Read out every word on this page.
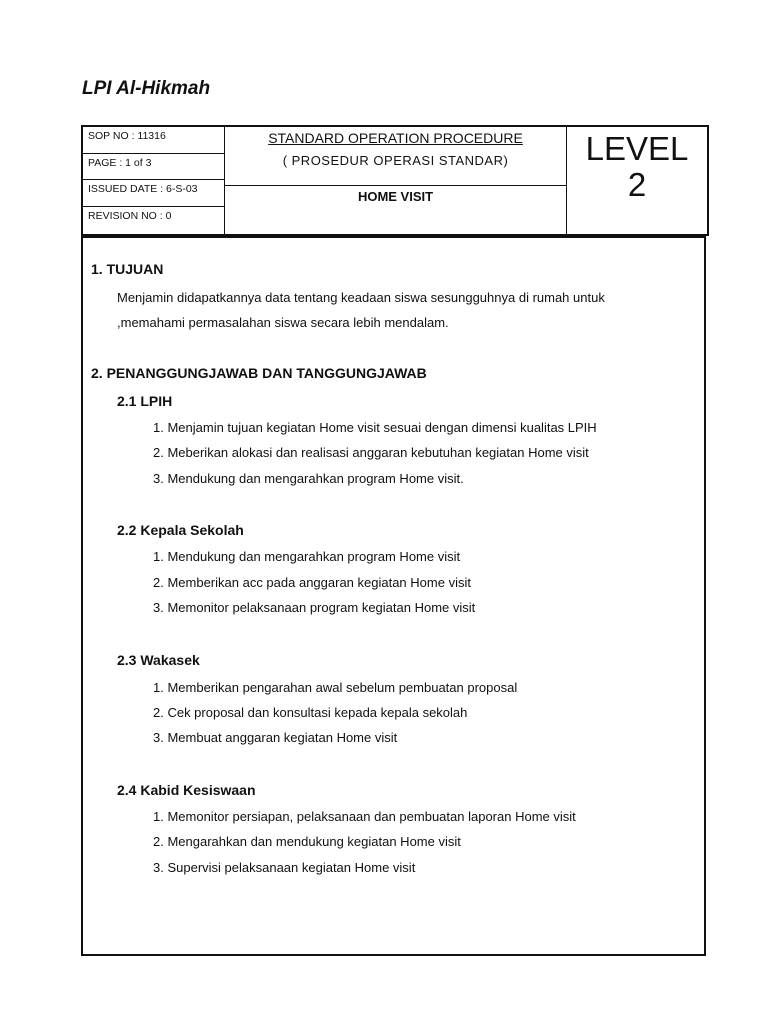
LPI Al-Hikmah
SOP NO : 11316
PAGE : 1 of 3
ISSUED DATE : 6-S-03
REVISION NO : 0
STANDARD OPERATION PROCEDURE
( PROSEDUR OPERASI STANDAR)
HOME VISIT
LEVEL
2
1. TUJUAN
Menjamin didapatkannya data tentang keadaan siswa sesungguhnya di rumah untuk
,memahami permasalahan siswa secara lebih mendalam.
2. PENANGGUNGJAWAB DAN TANGGUNGJAWAB
2.1 LPIH
1. Menjamin tujuan kegiatan Home visit sesuai dengan dimensi kualitas LPIH
2. Meberikan alokasi dan realisasi anggaran kebutuhan kegiatan Home visit
3. Mendukung dan mengarahkan program Home visit.
2.2 Kepala Sekolah
1. Mendukung dan mengarahkan program Home visit
2. Memberikan acc pada anggaran kegiatan Home visit
3. Memonitor pelaksanaan program kegiatan Home visit
2.3 Wakasek
1. Memberikan pengarahan awal sebelum pembuatan proposal
2. Cek proposal dan konsultasi kepada kepala sekolah
3. Membuat anggaran kegiatan Home visit
2.4 Kabid Kesiswaan
1. Memonitor persiapan, pelaksanaan dan pembuatan laporan Home visit
2. Mengarahkan dan mendukung kegiatan Home visit
3. Supervisi pelaksanaan kegiatan Home visit
